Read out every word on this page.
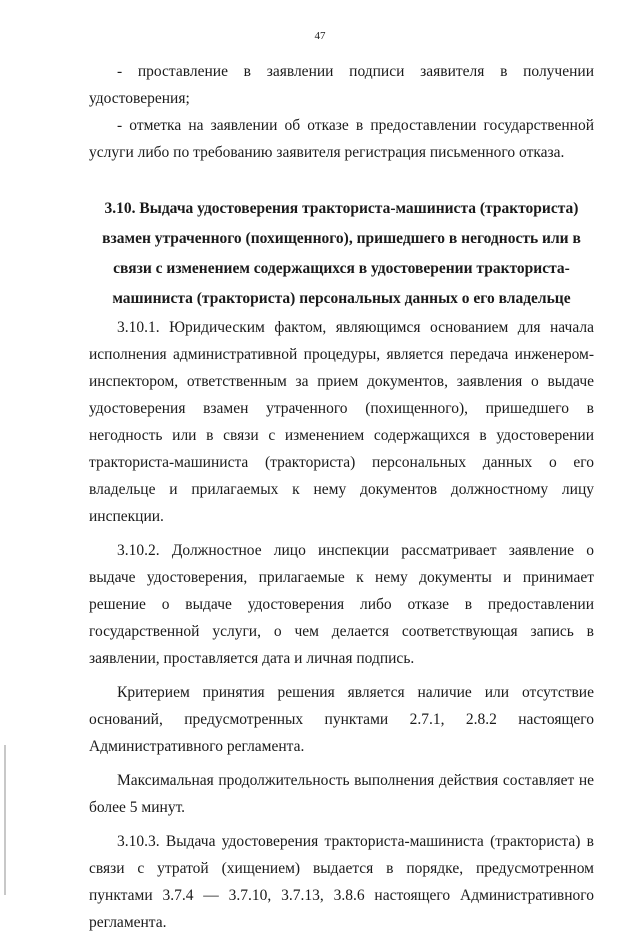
47

- проставление в заявлении подписи заявителя в получении удостоверения;

- отметка на заявлении об отказе в предоставлении государственной услуги либо по требованию заявителя регистрация письменного отказа.

3.10. Выдача удостоверения тракториста-машиниста (тракториста) взамен утраченного (похищенного), пришедшего в негодность или в связи с изменением содержащихся в удостоверении тракториста-машиниста (тракториста) персональных данных о его владельце

3.10.1. Юридическим фактом, являющимся основанием для начала исполнения административной процедуры, является передача инженером-инспектором, ответственным за прием документов, заявления о выдаче удостоверения взамен утраченного (похищенного), пришедшего в негодность или в связи с изменением содержащихся в удостоверении тракториста-машиниста (тракториста) персональных данных о его владельце и прилагаемых к нему документов должностному лицу инспекции.

3.10.2. Должностное лицо инспекции рассматривает заявление о выдаче удостоверения, прилагаемые к нему документы и принимает решение о выдаче удостоверения либо отказе в предоставлении государственной услуги, о чем делается соответствующая запись в заявлении, проставляется дата и личная подпись.

Критерием принятия решения является наличие или отсутствие оснований, предусмотренных пунктами 2.7.1, 2.8.2 настоящего Административного регламента.

Максимальная продолжительность выполнения действия составляет не более 5 минут.

3.10.3. Выдача удостоверения тракториста-машиниста (тракториста) в связи с утратой (хищением) выдается в порядке, предусмотренном пунктами 3.7.4 — 3.7.10, 3.7.13, 3.8.6 настоящего Административного регламента.
